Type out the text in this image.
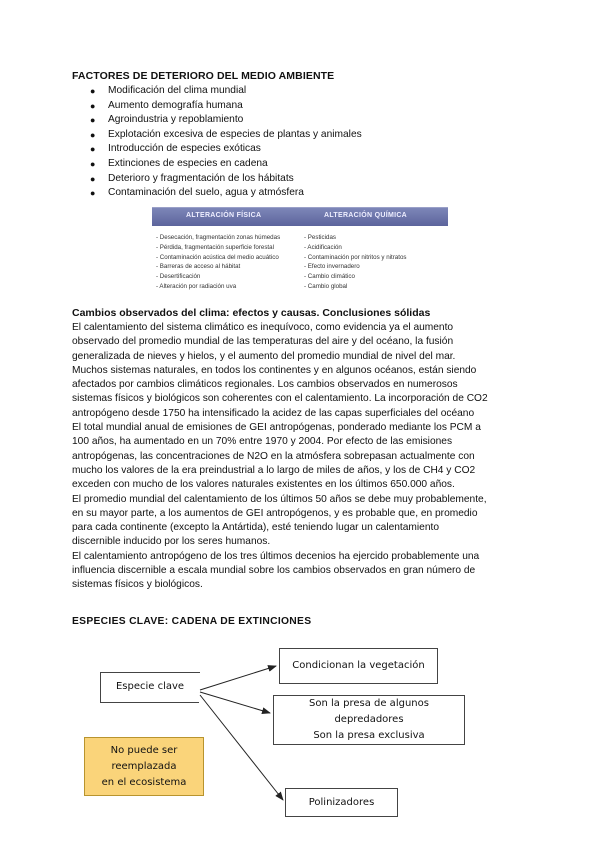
FACTORES DE DETERIORO DEL MEDIO AMBIENTE
● Modificación del clima mundial
● Aumento demografía humana
● Agroindustria y repoblamiento
● Explotación excesiva de especies de plantas y animales
● Introducción de especies exóticas
● Extinciones de especies en cadena
● Deterioro y fragmentación de los hábitats
● Contaminación del suelo, agua y atmósfera
ALTERACIÓN FÍSICA	ALTERACIÓN QUÍMICA
- Desecación, fragmentación zonas húmedas
- Pérdida, fragmentación superficie forestal
- Contaminación acústica del medio acuático
- Barreras de acceso al hábitat
- Desertificación
- Alteración por radiación uva
- Pesticidas
- Acidificación
- Contaminación por nitritos y nitratos
- Efecto invernadero
- Cambio climático
- Cambio global
Cambios observados del clima: efectos y causas. Conclusiones sólidas
El calentamiento del sistema climático es inequívoco, como evidencia ya el aumento
observado del promedio mundial de las temperaturas del aire y del océano, la fusión
generalizada de nieves y hielos, y el aumento del promedio mundial de nivel del mar.
Muchos sistemas naturales, en todos los continentes y en algunos océanos, están siendo
afectados por cambios climáticos regionales. Los cambios observados en numerosos
sistemas físicos y biológicos son coherentes con el calentamiento. La incorporación de CO2
antropógeno desde 1750 ha intensificado la acidez de las capas superficiales del océano
El total mundial anual de emisiones de GEI antropógenas, ponderado mediante los PCM a
100 años, ha aumentado en un 70% entre 1970 y 2004. Por efecto de las emisiones
antropógenas, las concentraciones de N2O en la atmósfera sobrepasan actualmente con
mucho los valores de la era preindustrial a lo largo de miles de años, y los de CH4 y CO2
exceden con mucho de los valores naturales existentes en los últimos 650.000 años.
El promedio mundial del calentamiento de los últimos 50 años se debe muy probablemente,
en su mayor parte, a los aumentos de GEI antropógenos, y es probable que, en promedio
para cada continente (excepto la Antártida), esté teniendo lugar un calentamiento
discernible inducido por los seres humanos.
El calentamiento antropógeno de los tres últimos decenios ha ejercido probablemente una
influencia discernible a escala mundial sobre los cambios observados en gran número de
sistemas físicos y biológicos.
ESPECIES CLAVE: CADENA DE EXTINCIONES
Especie clave
Condicionan la vegetación
Son la presa de algunos depredadores
Son la presa exclusiva
Polinizadores
No puede ser
reemplazada
en el ecosistema
